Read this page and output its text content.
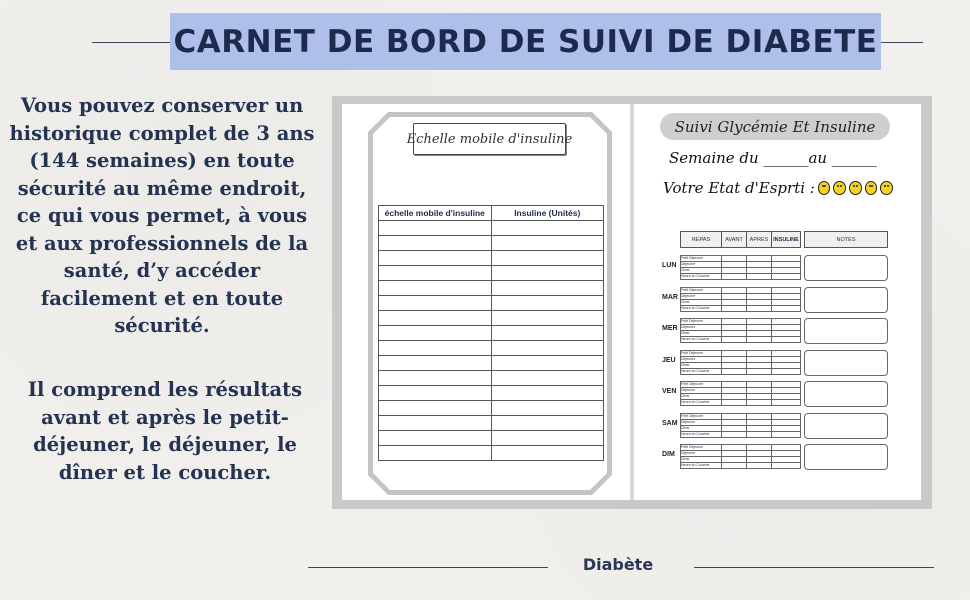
CARNET DE BORD DE SUIVI DE DIABETE

Vous pouvez conserver un historique complet de 3 ans (144 semaines) en toute sécurité au même endroit, ce qui vous permet, à vous et aux professionnels de la santé, d’y accéder facilement et en toute sécurité.

Il comprend les résultats avant et après le petit-déjeuner, le déjeuner, le dîner et le coucher.

Echelle mobile d'insuline
échelle mobile d'insuline	Insuline (Unités)

Suivi Glycémie Et Insuline
Semaine du ______au ______
Votre Etat d'Esprti :
REPAS	AVANT	APRES	INSULINE	NOTES
LUN
Petit Déjeuner			
Déjeuner			
Dîner			
Heure du Coucher			
MAR
Petit Déjeuner			
Déjeuner			
Dîner			
Heure du Coucher			
MER
Petit Déjeuner			
Déjeuner			
Dîner			
Heure du Coucher			
JEU
Petit Déjeuner			
Déjeuner			
Dîner			
Heure du Coucher			
VEN
Petit Déjeuner			
Déjeuner			
Dîner			
Heure du Coucher			
SAM
Petit Déjeuner			
Déjeuner			
Dîner			
Heure du Coucher			
DIM
Petit Déjeuner			
Déjeuner			
Dîner			
Heure du Coucher			
Diabète
